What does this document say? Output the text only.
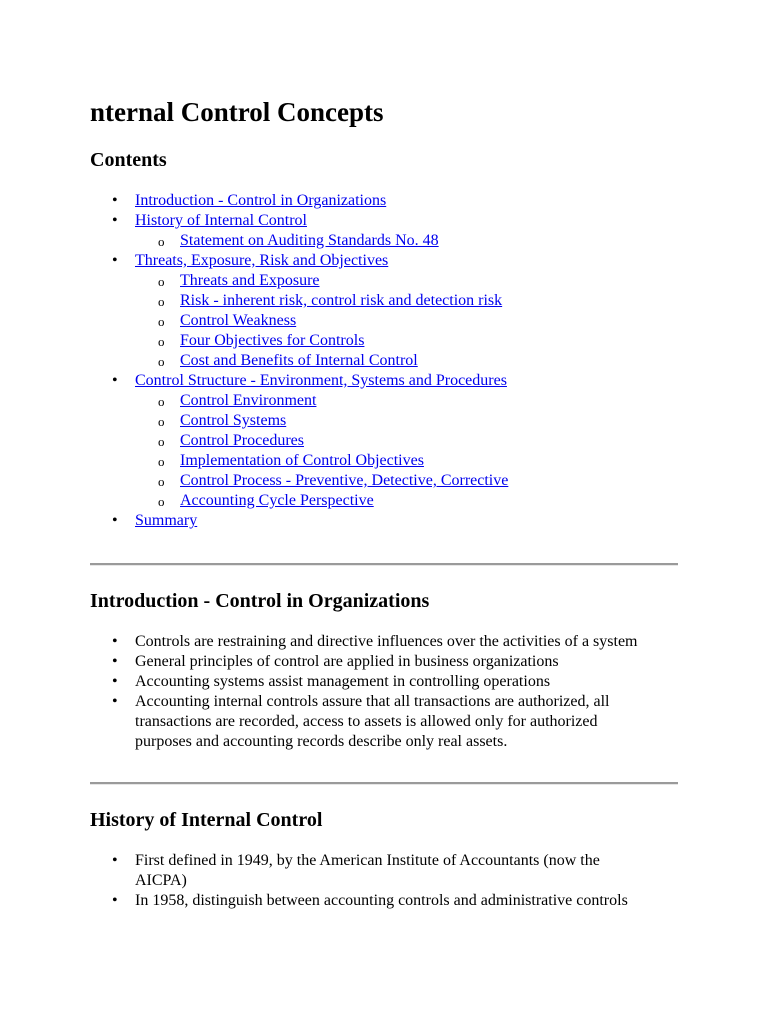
nternal Control Concepts
Contents
• Introduction - Control in Organizations
• History of Internal Control
o Statement on Auditing Standards No. 48
• Threats, Exposure, Risk and Objectives
o Threats and Exposure
o Risk - inherent risk, control risk and detection risk
o Control Weakness
o Four Objectives for Controls
o Cost and Benefits of Internal Control
• Control Structure - Environment, Systems and Procedures
o Control Environment
o Control Systems
o Control Procedures
o Implementation of Control Objectives
o Control Process - Preventive, Detective, Corrective
o Accounting Cycle Perspective
• Summary
Introduction - Control in Organizations
• Controls are restraining and directive influences over the activities of a system
• General principles of control are applied in business organizations
• Accounting systems assist management in controlling operations
• Accounting internal controls assure that all transactions are authorized, all transactions are recorded, access to assets is allowed only for authorized purposes and accounting records describe only real assets.
History of Internal Control
• First defined in 1949, by the American Institute of Accountants (now the AICPA)
• In 1958, distinguish between accounting controls and administrative controls
